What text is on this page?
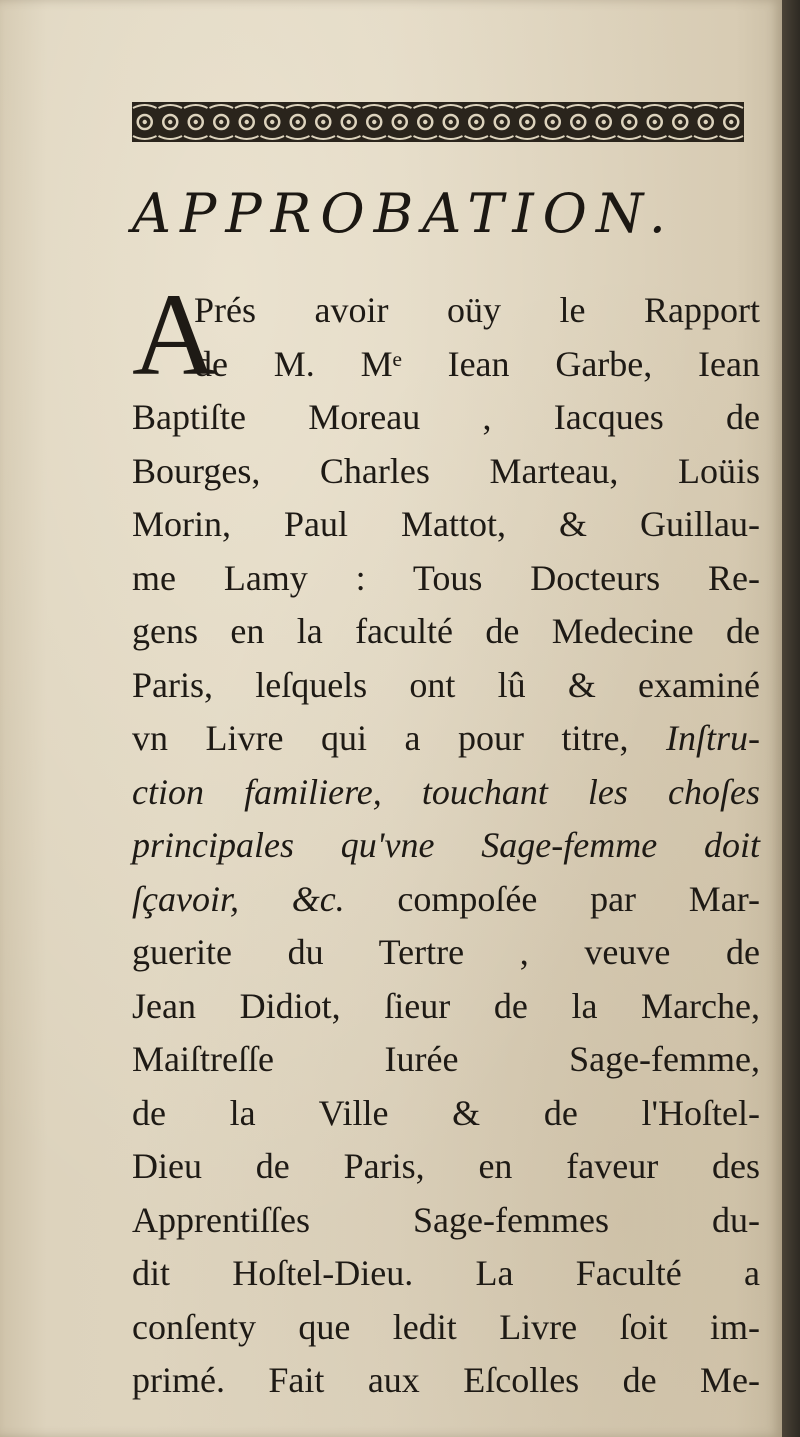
APPROBATION.
A
Prés avoir oüy le Rapport
de M. Mᵉ Iean Garbe, Iean
Baptiſte Moreau , Iacques de
Bourges, Charles Marteau, Loüis
Morin, Paul Mattot, & Guillau-
me Lamy : Tous Docteurs Re-
gens en la faculté de Medecine de
Paris, leſquels ont lû & examiné
vn Livre qui a pour titre, Inſtru-
ction familiere, touchant les choſes
principales qu'vne Sage-femme doit
ſçavoir, &c. compoſée par Mar-
guerite du Tertre , veuve de
Jean Didiot, ſieur de la Marche,
Maiſtreſſe Iurée Sage-femme,
de la Ville & de l'Hoſtel-
Dieu de Paris, en faveur des
Apprentiſſes Sage-femmes du-
dit Hoſtel-Dieu. La Faculté a
conſenty que ledit Livre ſoit im-
primé. Fait aux Eſcolles de Me-
